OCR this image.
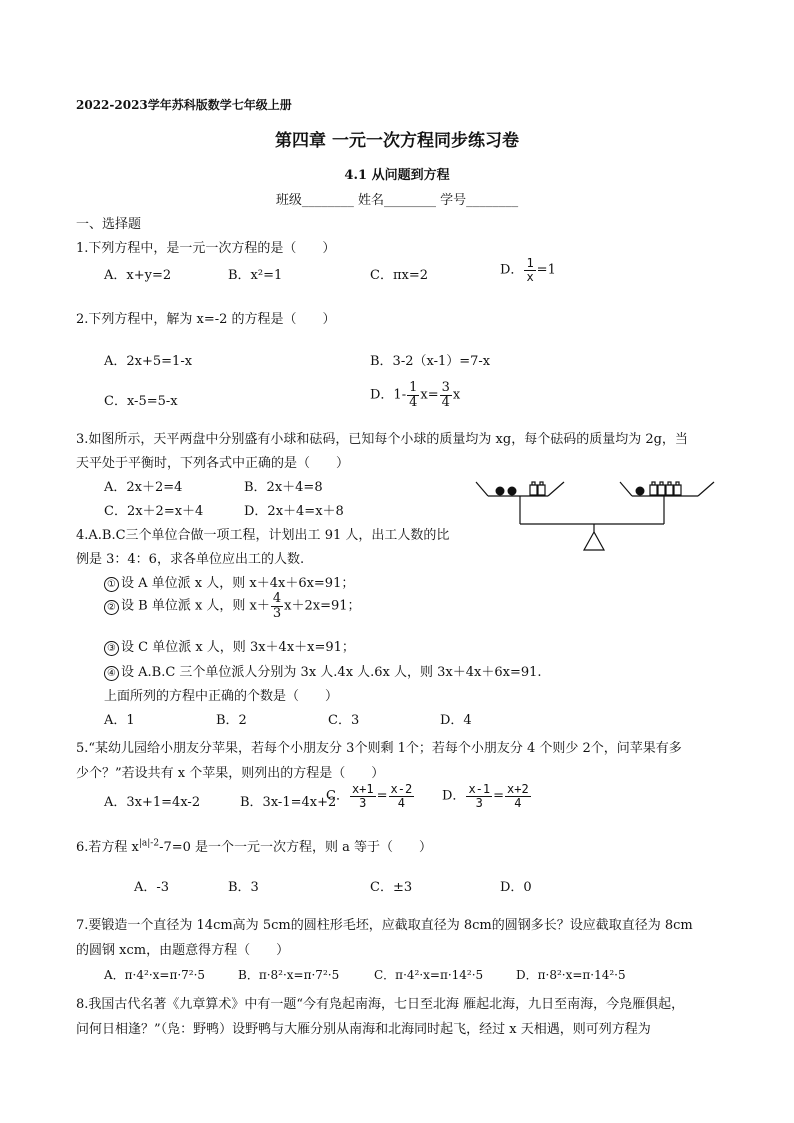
2022-2023学年苏科版数学七年级上册
第四章 一元一次方程同步练习卷
4.1 从问题到方程
班级________ 姓名________ 学号________
一、选择题
1.下列方程中，是一元一次方程的是（　　）
A．x+y=2	B．x²=1	C．πx=2	D． $\frac{1}{x} =1$
2.下列方程中，解为 x=-2 的方程是（　　）
A．2x+5=1-x	B．3-2（x-1）=7-x
C．x-5=5-x	D．$1- \frac{1}{4} x= \frac{3}{4}$ x
3.如图所示，天平两盘中分别盛有小球和砝码，已知每个小球的质量均为 xg，每个砝码的质量均为 2g，当
天平处于平衡时，下列各式中正确的是（　　）
A．2x＋2=4	B．2x＋4=8
C．2x＋2=x＋4	D．2x＋4=x＋8
4.A.B.C三个单位合做一项工程，计划出工 91 人，出工人数的比
例是 3：4：6，求各单位应出工的人数.
① 设 A 单位派 x 人，则 x＋4x＋6x=91；
② 设 B 单位派 x 人，则 $x+ \frac{4}{3} x+2x=91$；
③ 设 C 单位派 x 人，则 3x＋4x＋x=91；
④ 设 A.B.C 三个单位派人分别为 3x 人.4x 人.6x 人，则 3x＋4x＋6x=91.
上面所列的方程中正确的个数是（　　）
A．1	B．2	C．3	D．4
5.“某幼儿园给小朋友分苹果，若每个小朋友分 3个则剩 1个；若每个小朋友分 4 个则少 2个，问苹果有多
少个？”若设共有 x 个苹果，则列出的方程是（　　）
A．3x+1=4x-2	B．3x-1=4x+2
C． $\frac{x+1}{3} = \frac{x-2}{4}$ D． $\frac{x-1}{3} = \frac{x+2}{4}$
6.若方程 $x^{|a|-2}-7=0$ 是一个一元一次方程，则 a 等于（　　）
A．-3	B．3	C．±3	D．0
7.要锻造一个直径为 14cm高为 5cm的圆柱形毛坯，应截取直径为 8cm的圆钢多长？设应截取直径为 8cm
的圆钢 xcm，由题意得方程（　　）
A．π·4²·x=π·7²·5	B．π·8²·x=π·7²·5	C．π·4²·x=π·14²·5	D．π·8²·x=π·14²·5
8.我国古代名著《九章算术》中有一题“今有凫起南海，七日至北海 雁起北海，九日至南海，今凫雁俱起，
问何日相逢？”（凫：野鸭）设野鸭与大雁分别从南海和北海同时起飞，经过 x 天相遇，则可列方程为
